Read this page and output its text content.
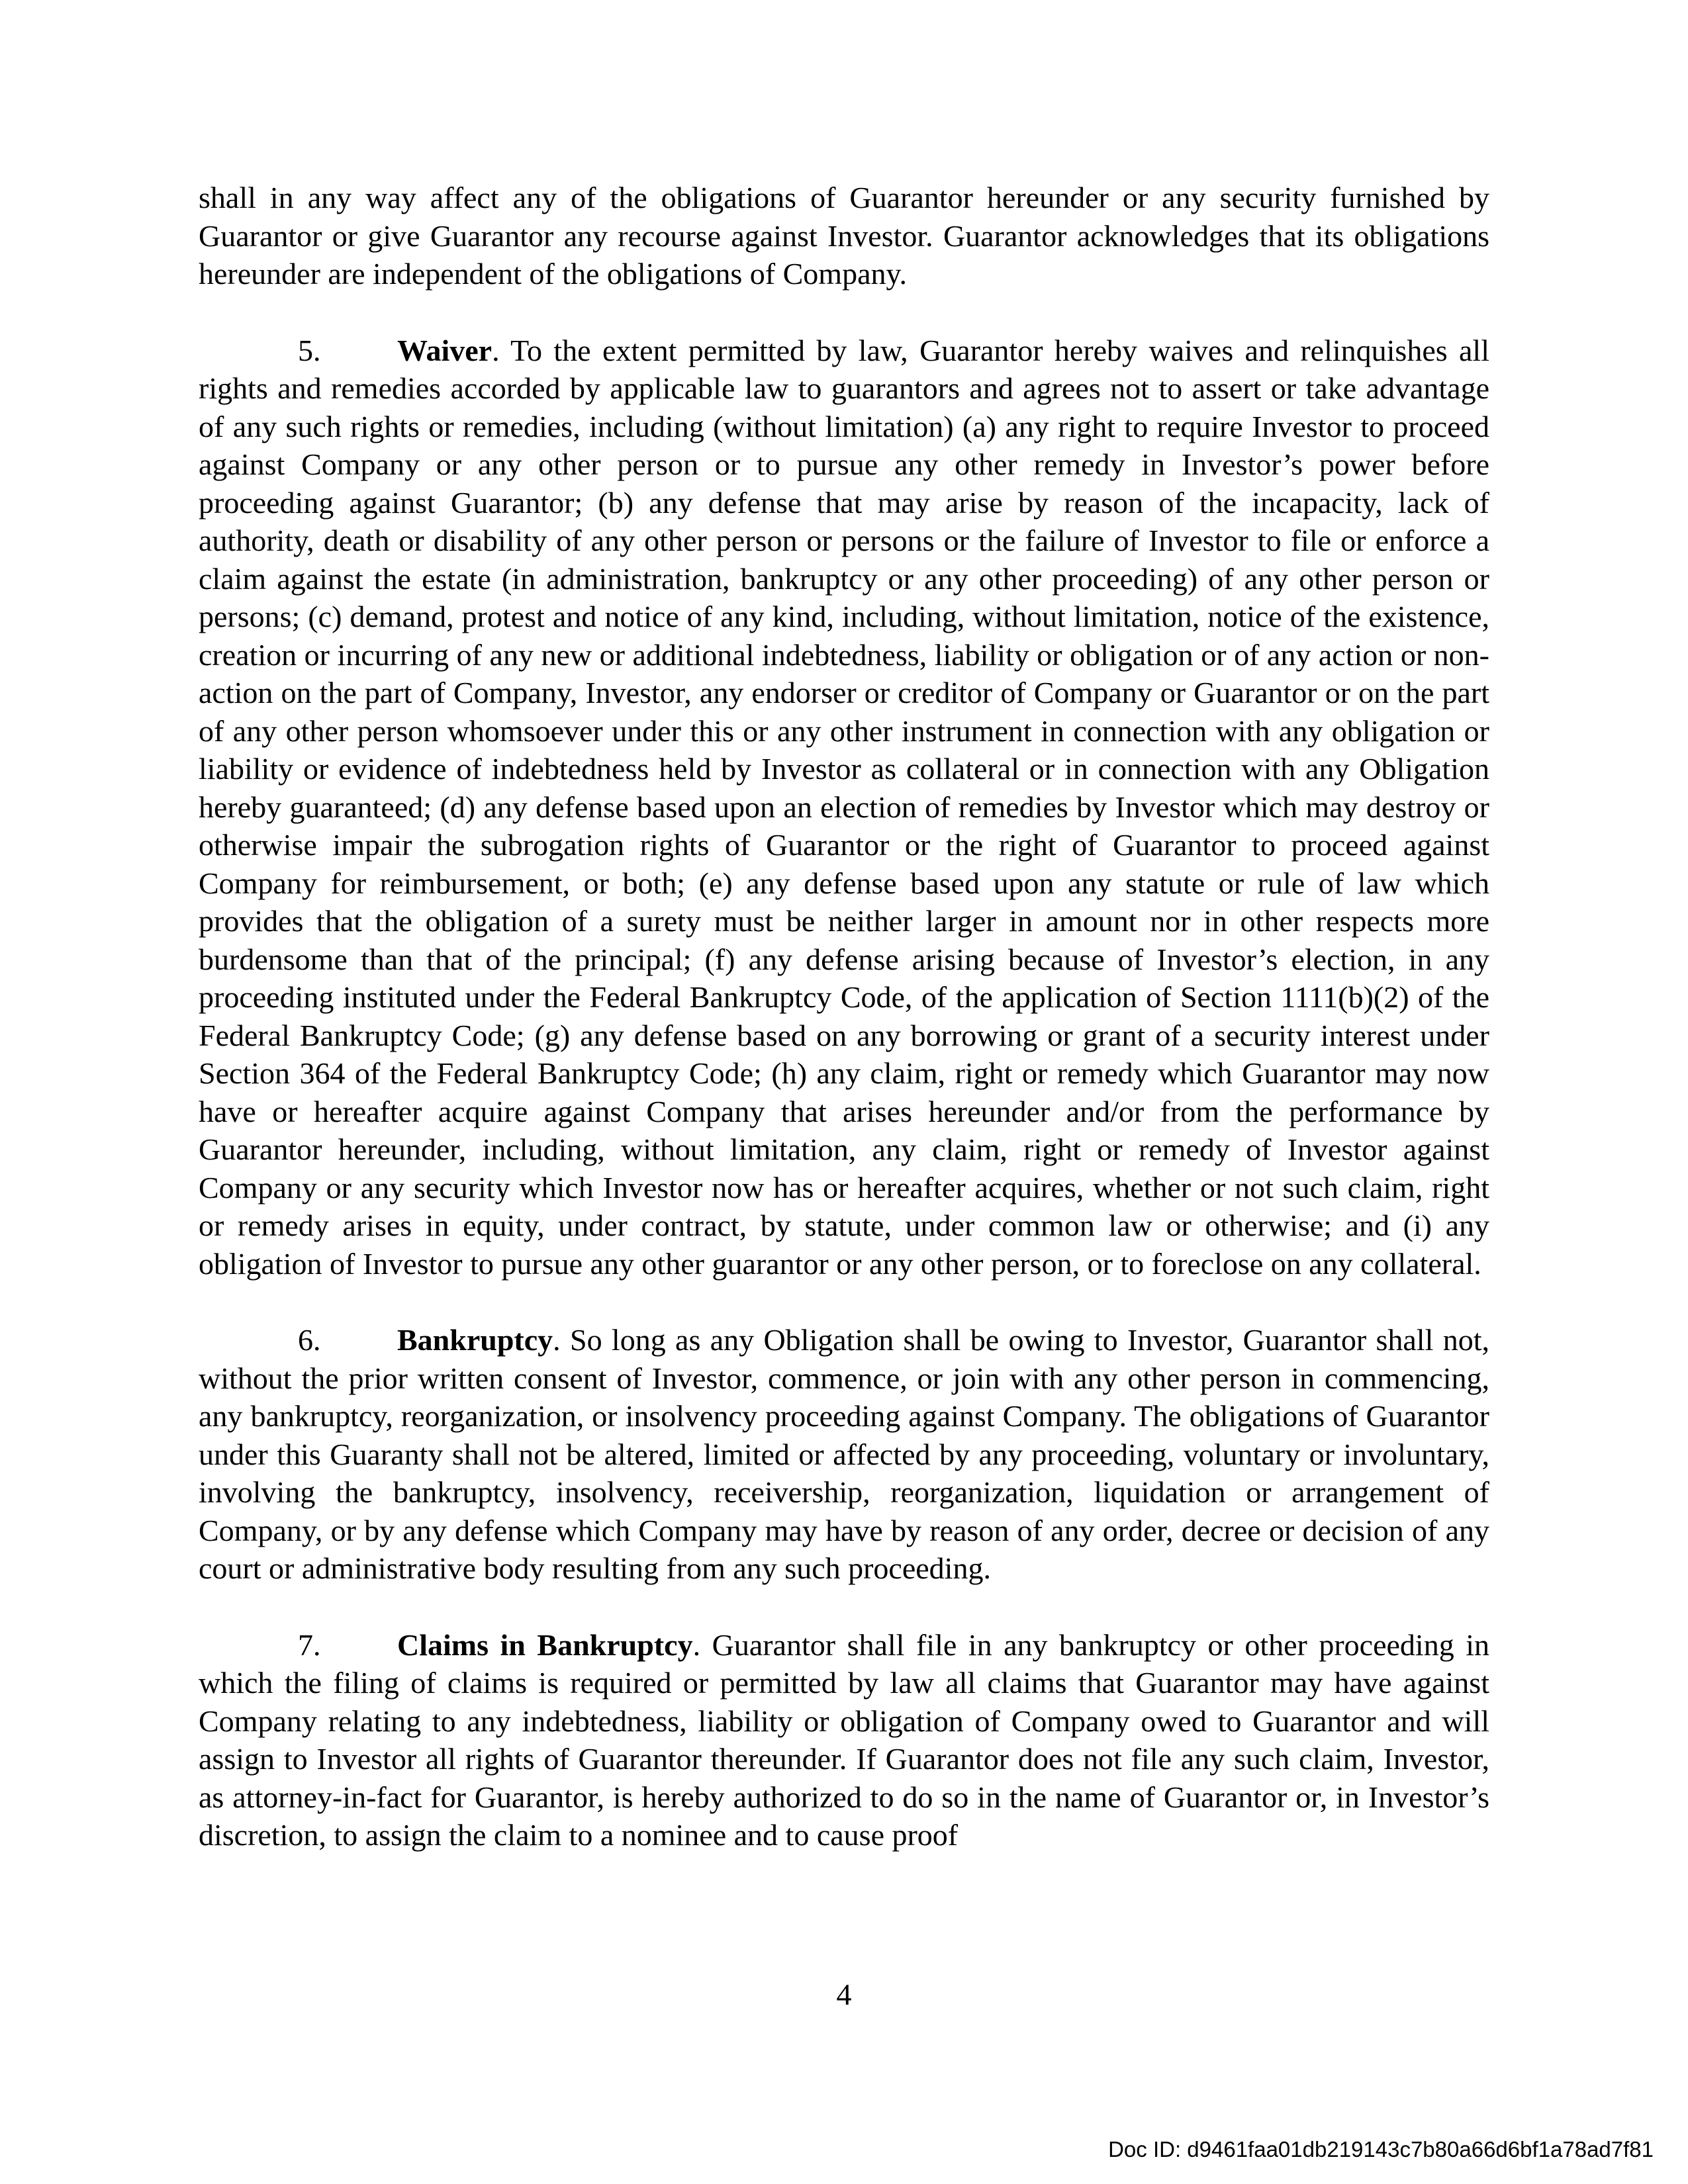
shall in any way affect any of the obligations of Guarantor hereunder or any security furnished by Guarantor or give Guarantor any recourse against Investor. Guarantor acknowledges that its obligations hereunder are independent of the obligations of Company.

5.	Waiver. To the extent permitted by law, Guarantor hereby waives and relinquishes all rights and remedies accorded by applicable law to guarantors and agrees not to assert or take advantage of any such rights or remedies, including (without limitation) (a) any right to require Investor to proceed against Company or any other person or to pursue any other remedy in Investor’s power before proceeding against Guarantor; (b) any defense that may arise by reason of the incapacity, lack of authority, death or disability of any other person or persons or the failure of Investor to file or enforce a claim against the estate (in administration, bankruptcy or any other proceeding) of any other person or persons; (c) demand, protest and notice of any kind, including, without limitation, notice of the existence, creation or incurring of any new or additional indebtedness, liability or obligation or of any action or non-action on the part of Company, Investor, any endorser or creditor of Company or Guarantor or on the part of any other person whomsoever under this or any other instrument in connection with any obligation or liability or evidence of indebtedness held by Investor as collateral or in connection with any Obligation hereby guaranteed; (d) any defense based upon an election of remedies by Investor which may destroy or otherwise impair the subrogation rights of Guarantor or the right of Guarantor to proceed against Company for reimbursement, or both; (e) any defense based upon any statute or rule of law which provides that the obligation of a surety must be neither larger in amount nor in other respects more burdensome than that of the principal; (f) any defense arising because of Investor’s election, in any proceeding instituted under the Federal Bankruptcy Code, of the application of Section 1111(b)(2) of the Federal Bankruptcy Code; (g) any defense based on any borrowing or grant of a security interest under Section 364 of the Federal Bankruptcy Code; (h) any claim, right or remedy which Guarantor may now have or hereafter acquire against Company that arises hereunder and/or from the performance by Guarantor hereunder, including, without limitation, any claim, right or remedy of Investor against Company or any security which Investor now has or hereafter acquires, whether or not such claim, right or remedy arises in equity, under contract, by statute, under common law or otherwise; and (i) any obligation of Investor to pursue any other guarantor or any other person, or to foreclose on any collateral.

6.	Bankruptcy. So long as any Obligation shall be owing to Investor, Guarantor shall not, without the prior written consent of Investor, commence, or join with any other person in commencing, any bankruptcy, reorganization, or insolvency proceeding against Company. The obligations of Guarantor under this Guaranty shall not be altered, limited or affected by any proceeding, voluntary or involuntary, involving the bankruptcy, insolvency, receivership, reorganization, liquidation or arrangement of Company, or by any defense which Company may have by reason of any order, decree or decision of any court or administrative body resulting from any such proceeding.

7.	Claims in Bankruptcy. Guarantor shall file in any bankruptcy or other proceeding in which the filing of claims is required or permitted by law all claims that Guarantor may have against Company relating to any indebtedness, liability or obligation of Company owed to Guarantor and will assign to Investor all rights of Guarantor thereunder. If Guarantor does not file any such claim, Investor, as attorney-in-fact for Guarantor, is hereby authorized to do so in the name of Guarantor or, in Investor’s discretion, to assign the claim to a nominee and to cause proof

4
Doc ID: d9461faa01db219143c7b80a66d6bf1a78ad7f81
